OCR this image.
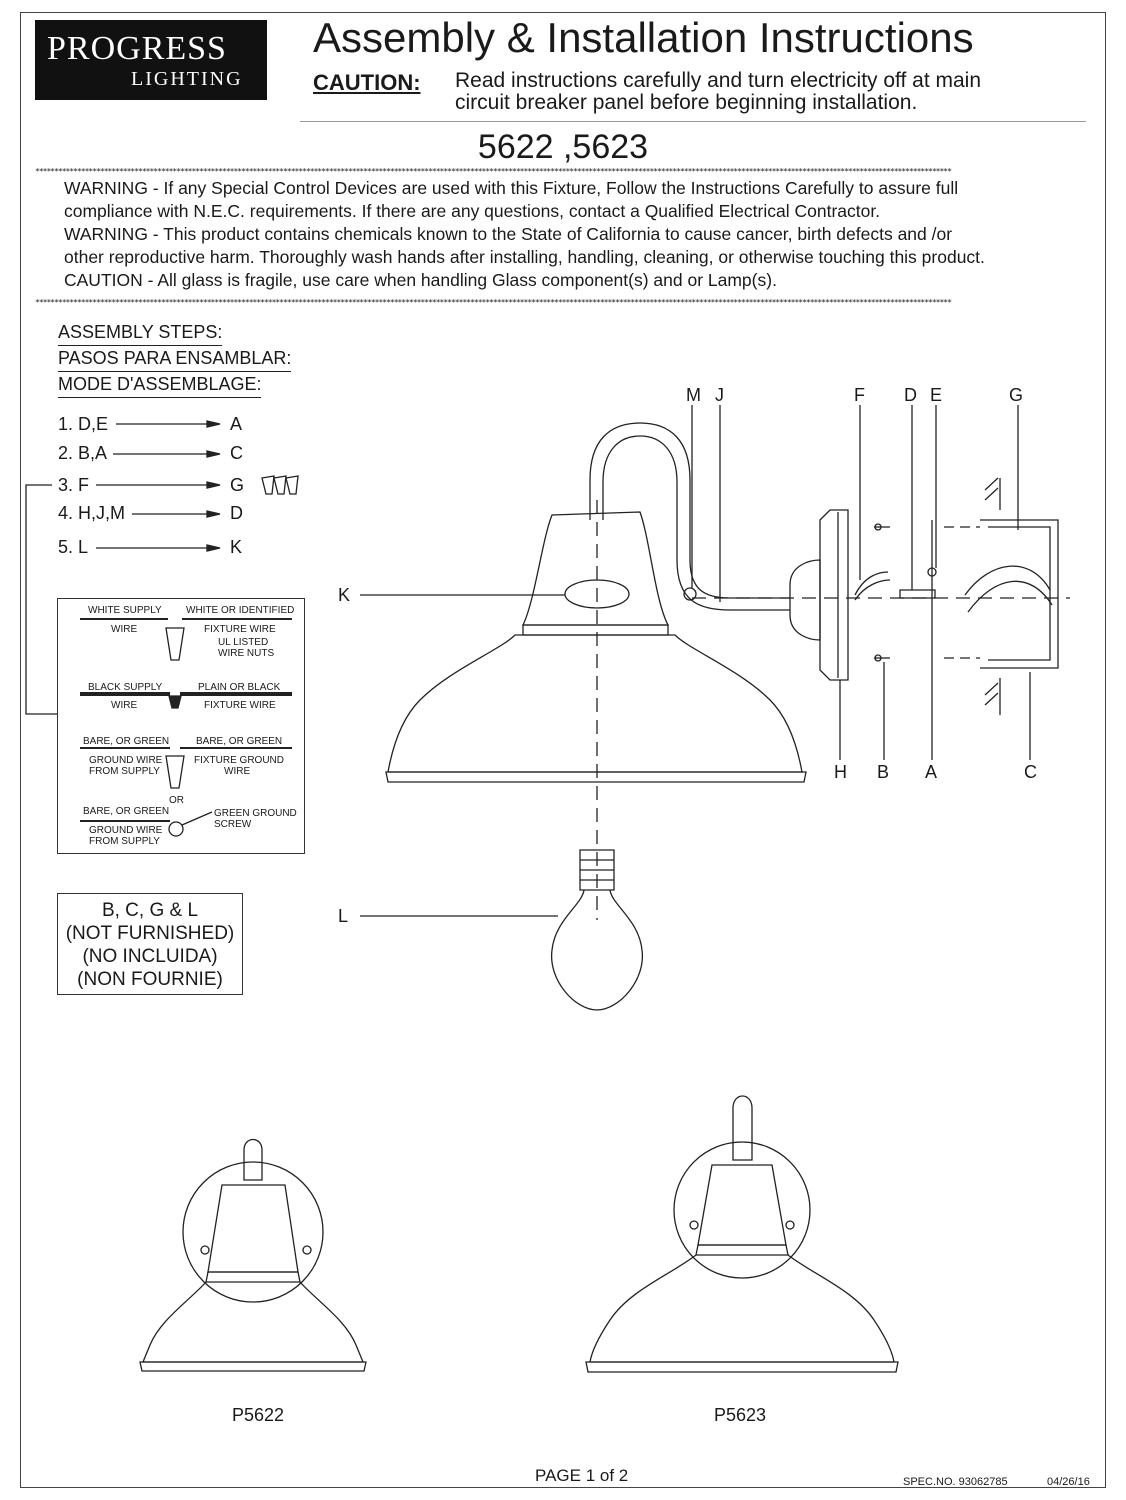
PROGRESS
LIGHTING
Assembly & Installation Instructions
CAUTION: Read instructions carefully and turn electricity off at main
circuit breaker panel before beginning installation.
5622 ,5623
************************************************************************************************************************************************************************************************************************************************
************************************************************************************************************************************************************************************************************************************************
WARNING - If any Special Control Devices are used with this Fixture, Follow the Instructions Carefully to assure full
compliance with N.E.C. requirements. If there are any questions, contact a Qualified Electrical Contractor.
WARNING - This product contains chemicals known to the State of California to cause cancer, birth defects and /or
other reproductive harm. Thoroughly wash hands after installing, handling, cleaning, or otherwise touching this product.
CAUTION - All glass is fragile, use care when handling Glass component(s) and or Lamp(s).
ASSEMBLY STEPS:
PASOS PARA ENSAMBLAR:
MODE D'ASSEMBLAGE:
1. D,E	A
2. B,A	C
3. F	G
4. H,J,M	D
5. L	K
WHITE SUPPLY WHITE OR IDENTIFIED
WIRE	FIXTURE WIRE
UL LISTED
WIRE NUTS
BLACK SUPPLY	PLAIN OR BLACK
WIRE	FIXTURE WIRE
BARE, OR GREEN	BARE, OR GREEN
GROUND WIRE
FROM SUPPLY
FIXTURE GROUND
WIRE
OR
BARE, OR GREEN
GROUND WIRE
FROM SUPPLY
GREEN GROUND
SCREW
B, C, G & L
(NOT FURNISHED)
(NO INCLUIDA)
(NON FOURNIE)
M J	F D E	G
K
H B A	C
L
P5622	P5623
PAGE 1 of 2	SPEC.NO. 93062785	04/26/16
